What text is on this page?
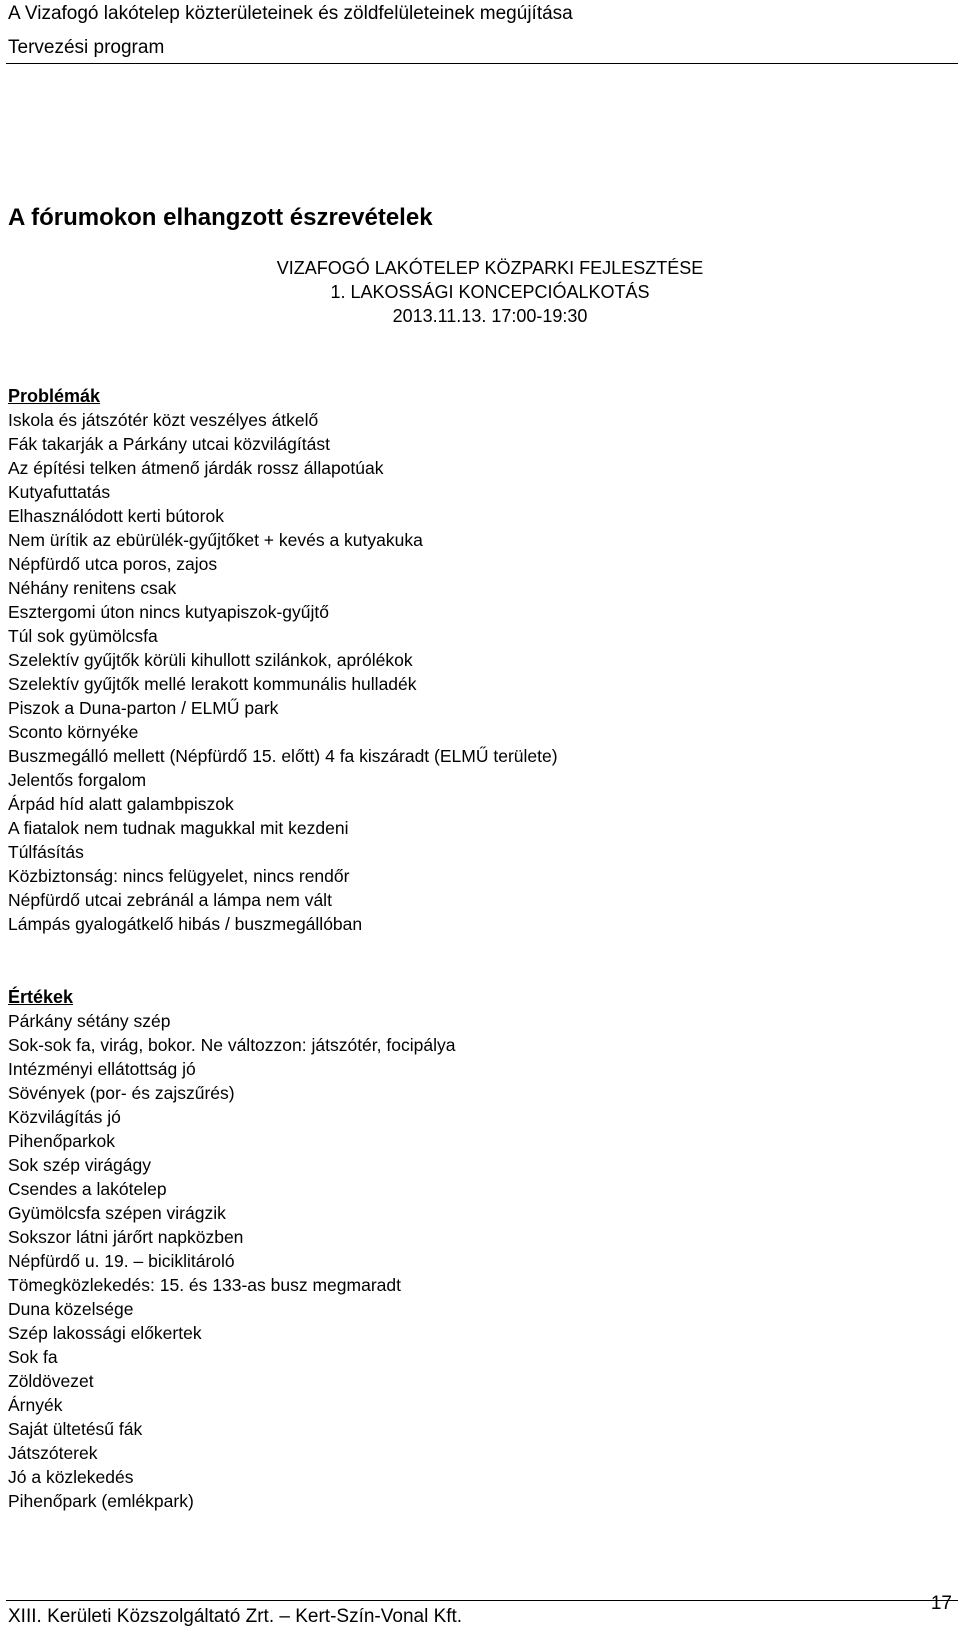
A Vizafogó lakótelep közterületeinek és zöldfelületeinek megújítása
Tervezési program
A fórumokon elhangzott észrevételek
VIZAFOGÓ LAKÓTELEP KÖZPARKI FEJLESZTÉSE
1. LAKOSSÁGI KONCEPCIÓALKOTÁS
2013.11.13. 17:00-19:30
Problémák
Iskola és játszótér közt veszélyes átkelő
Fák takarják a Párkány utcai közvilágítást
Az építési telken átmenő járdák rossz állapotúak
Kutyafuttatás
Elhasználódott kerti bútorok
Nem ürítik az ebürülék-gyűjtőket + kevés a kutyakuka
Népfürdő utca poros, zajos
Néhány renitens csak
Esztergomi úton nincs kutyapiszok-gyűjtő
Túl sok gyümölcsfa
Szelektív gyűjtők körüli kihullott szilánkok, aprólékok
Szelektív gyűjtők mellé lerakott kommunális hulladék
Piszok a Duna-parton / ELMŰ park
Sconto környéke
Buszmegálló mellett (Népfürdő 15. előtt) 4 fa kiszáradt (ELMŰ területe)
Jelentős forgalom
Árpád híd alatt galambpiszok
A fiatalok nem tudnak magukkal mit kezdeni
Túlfásítás
Közbiztonság: nincs felügyelet, nincs rendőr
Népfürdő utcai zebránál a lámpa nem vált
Lámpás gyalogátkelő hibás / buszmegállóban
Értékek
Párkány sétány szép
Sok-sok fa, virág, bokor. Ne változzon: játszótér, focipálya
Intézményi ellátottság jó
Sövények (por- és zajszűrés)
Közvilágítás jó
Pihenőparkok
Sok szép virágágy
Csendes a lakótelep
Gyümölcsfa szépen virágzik
Sokszor látni járőrt napközben
Népfürdő u. 19. – biciklitároló
Tömegközlekedés: 15. és 133-as busz megmaradt
Duna közelsége
Szép lakossági előkertek
Sok fa
Zöldövezet
Árnyék
Saját ültetésű fák
Játszóterek
Jó a közlekedés
Pihenőpark (emlékpark)
17
XIII. Kerületi Közszolgáltató Zrt. – Kert-Szín-Vonal Kft.
